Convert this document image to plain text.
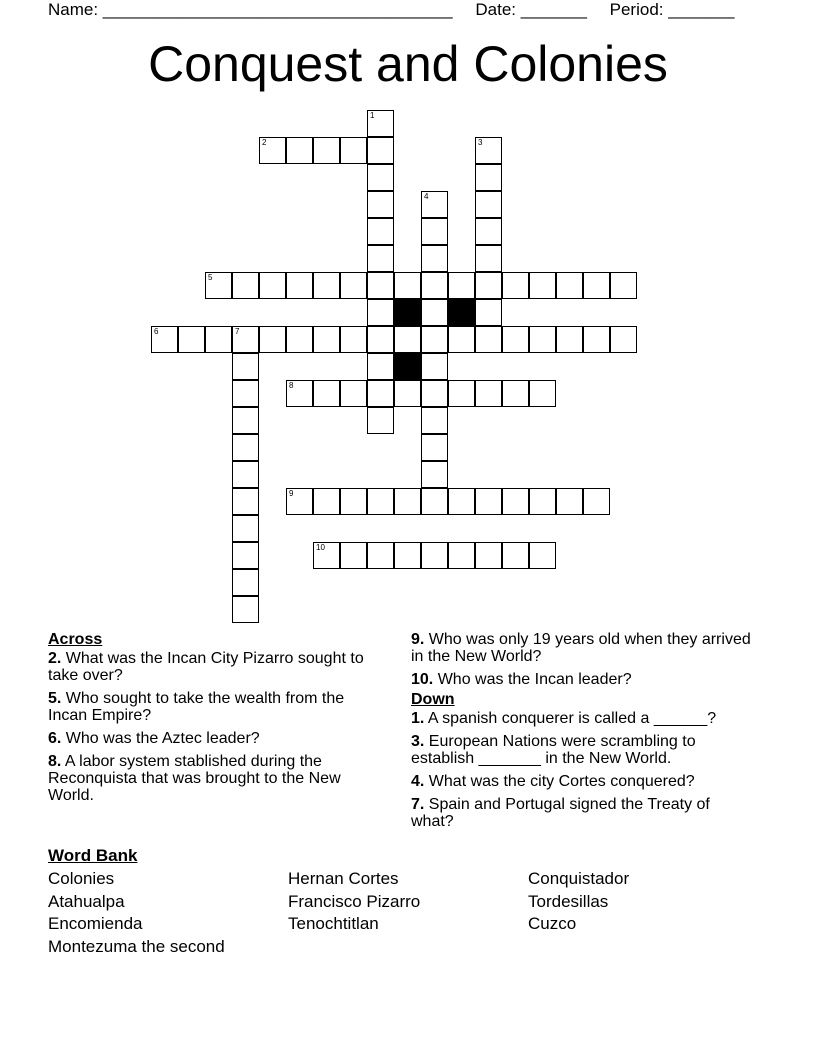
Name: _____________________________________ Date: _______ Period: _______
Conquest and Colonies
1
2	3
4
5
6	7
8
9
10
Across
2. What was the Incan City Pizarro sought to take over?
5. Who sought to take the wealth from the Incan Empire?
6. Who was the Aztec leader?
8. A labor system stablished during the Reconquista that was brought to the New World.
9. Who was only 19 years old when they arrived in the New World?
10. Who was the Incan leader?
Down
1. A spanish conquerer is called a ______?
3. European Nations were scrambling to establish _______ in the New World.
4. What was the city Cortes conquered?
7. Spain and Portugal signed the Treaty of what?
Word Bank
Colonies	Hernan Cortes	Conquistador
Atahualpa	Francisco Pizarro	Tordesillas
Encomienda	Tenochtitlan	Cuzco
Montezuma the second
